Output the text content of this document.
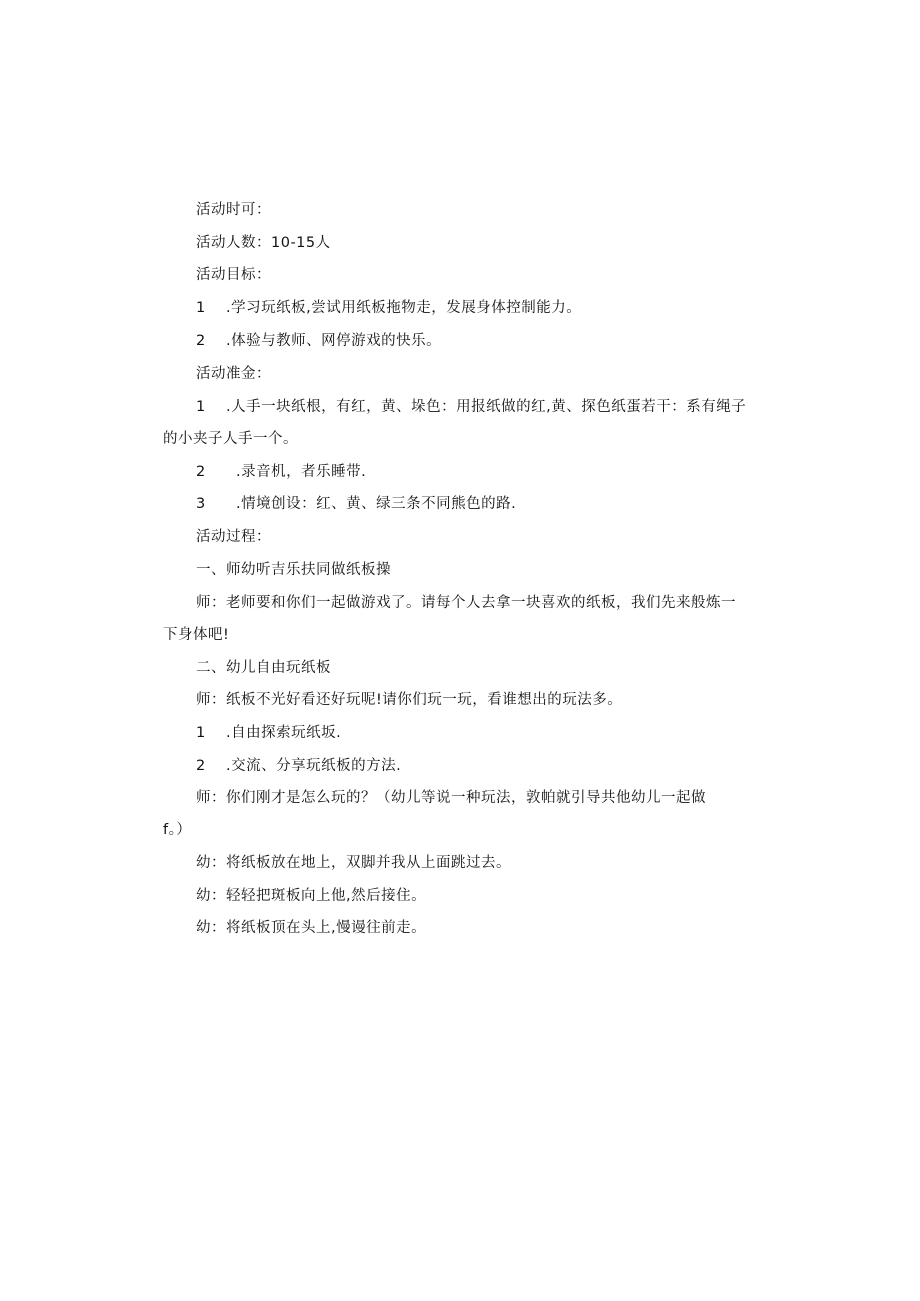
活动时可：
活动人数：10-15人
活动目标：
1 .学习玩纸板,尝试用纸板拖物走，发展身体控制能力。
2 .体验与教师、网停游戏的快乐。
活动准金：
1 .人手一块纸根，有红，黄、垛色：用报纸做的红,黄、探色纸蛋若干：系有绳子
的小夹子人手一个。
2 .录音机，者乐睡带.
3 .情境创设：红、黄、绿三条不同熊色的路.
活动过程：
一、师幼听吉乐扶同做纸板操
师：老师要和你们一起做游戏了。请每个人去拿一块喜欢的纸板，我们先来般炼一
下身体吧!
二、幼儿自由玩纸板
师：纸板不光好看还好玩呢!请你们玩一玩，看谁想出的玩法多。
1 .自由探索玩纸坂.
2 .交流、分享玩纸板的方法.
师：你们刚才是怎么玩的？（幼儿等说一种玩法，敦帕就引导共他幼儿一起做
f。）
幼：将纸板放在地上，双脚并我从上面跳过去。
幼：轻轻把斑板向上他,然后接住。
幼：将纸板顶在头上,慢谩往前走。
